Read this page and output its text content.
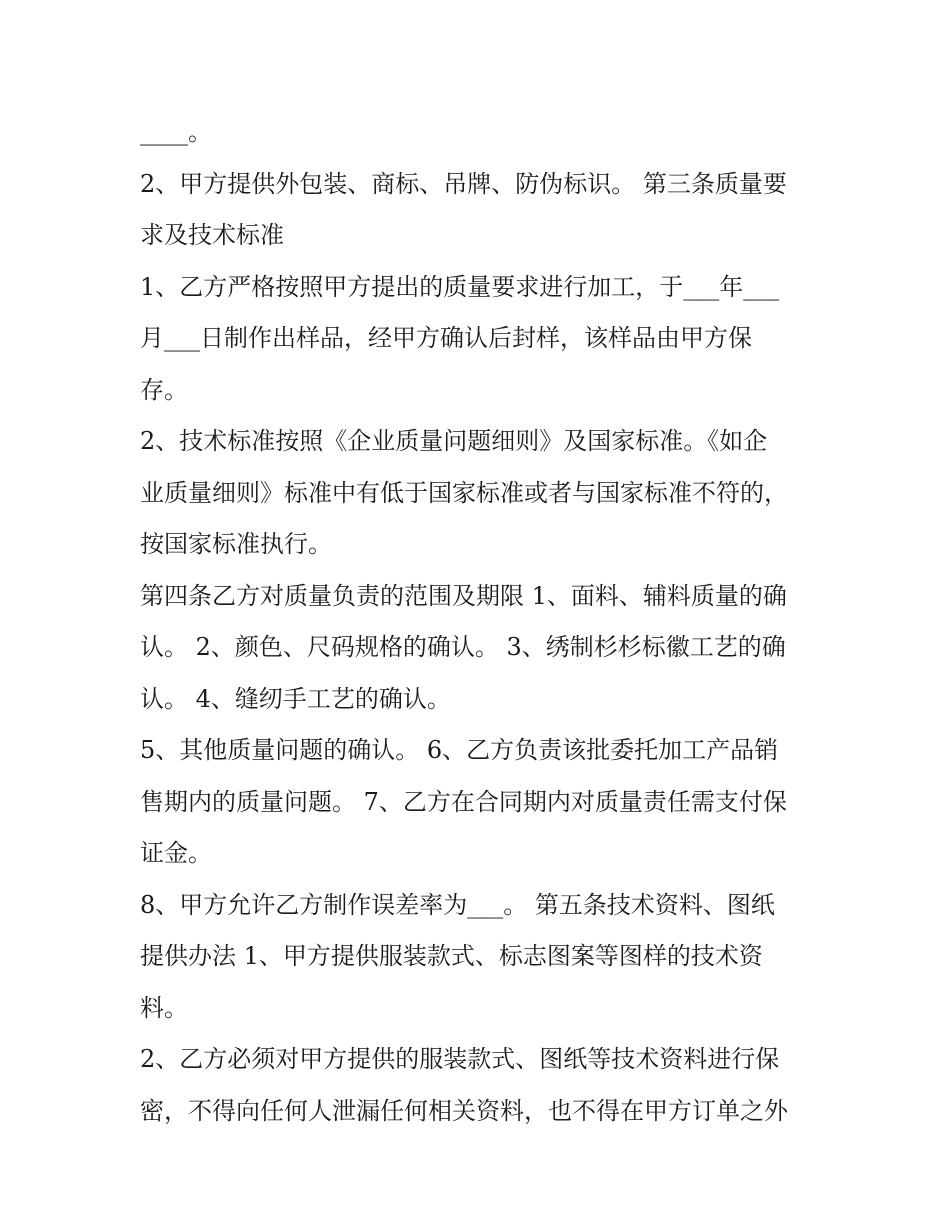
____。
2、甲方提供外包装、商标、吊牌、防伪标识。 第三条质量要
求及技术标准
1、乙方严格按照甲方提出的质量要求进行加工，于___年___
月___日制作出样品，经甲方确认后封样，该样品由甲方保
存。
2、技术标准按照《企业质量问题细则》及国家标准。《如企
业质量细则》标准中有低于国家标准或者与国家标准不符的，
按国家标准执行。
第四条乙方对质量负责的范围及期限 1、面料、辅料质量的确
认。 2、颜色、尺码规格的确认。 3、绣制杉杉标徽工艺的确
认。 4、缝纫手工艺的确认。
5、其他质量问题的确认。 6、乙方负责该批委托加工产品销
售期内的质量问题。 7、乙方在合同期内对质量责任需支付保
证金。
8、甲方允许乙方制作误差率为___。 第五条技术资料、图纸
提供办法 1、甲方提供服装款式、标志图案等图样的技术资
料。
2、乙方必须对甲方提供的服装款式、图纸等技术资料进行保
密，不得向任何人泄漏任何相关资料，也不得在甲方订单之外
